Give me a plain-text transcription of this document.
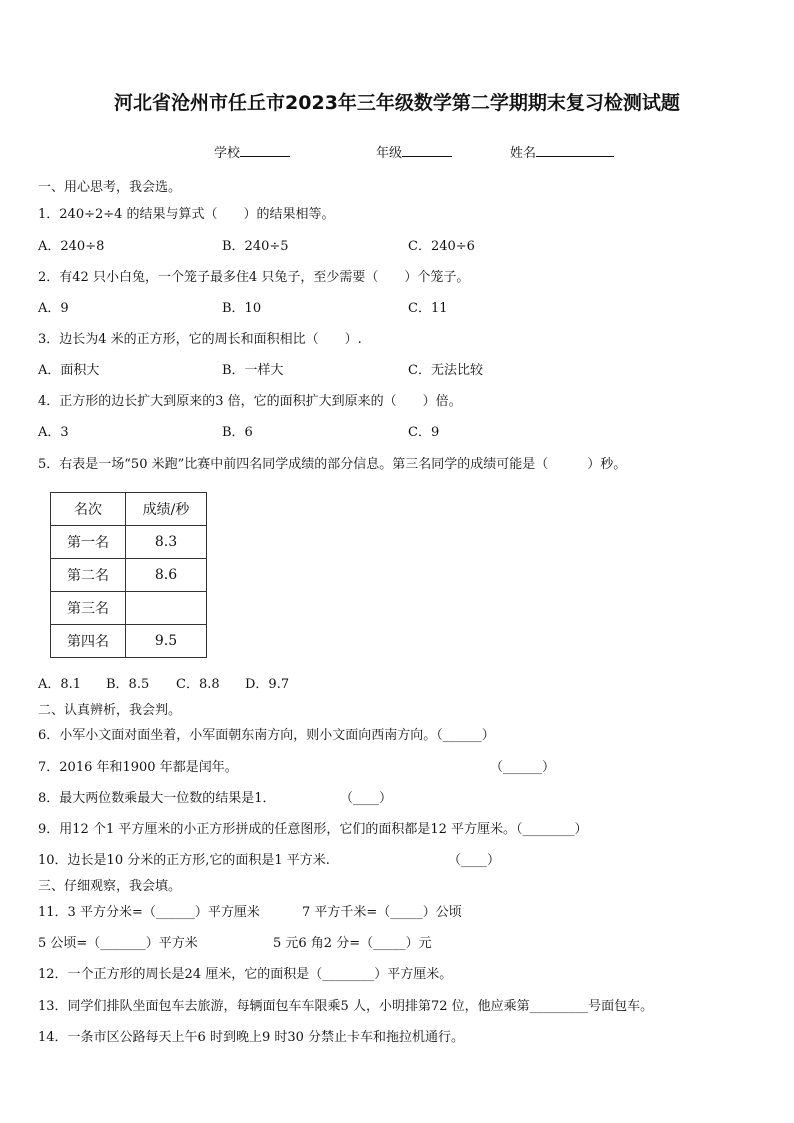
河北省沧州市任丘市2023年三年级数学第二学期期末复习检测试题
学校	年级	姓名
一、用心思考，我会选。
1．240÷2÷4 的结果与算式（　　）的结果相等。
A．240÷8	B．240÷5	C．240÷6
2．有42 只小白兔，一个笼子最多住4 只兔子，至少需要（　　）个笼子。
A．9	B．10	C．11
3．边长为4 米的正方形，它的周长和面积相比（　　）.
A．面积大	B．一样大	C．无法比较
4．正方形的边长扩大到原来的3 倍，它的面积扩大到原来的（　　）倍。
A．3	B．6	C．9
5．右表是一场“50 米跑”比赛中前四名同学成绩的部分信息。第三名同学的成绩可能是（　　　）秒。
名次	成绩/秒
第一名	8.3
第二名	8.6
第三名	
第四名	9.5
A．8.1 B．8.5 C．8.8 D．9.7
二、认真辨析，我会判。
6．小军小文面对面坐着，小军面朝东南方向，则小文面向西南方向。（______）
7．2016 年和1900 年都是闰年。	（______）
8．最大两位数乘最大一位数的结果是1．	（____）
9．用12 个1 平方厘米的小正方形拼成的任意图形，它们的面积都是12 平方厘米。（________）
10．边长是10 分米的正方形,它的面积是1 平方米.	（____）
三、仔细观察，我会填。
11．3 平方分米=（______）平方厘米	7 平方千米=（_____）公顷
5 公顷=（_______）平方米	5 元6 角2 分=（_____）元
12．一个正方形的周长是24 厘米，它的面积是（________）平方厘米。
13．同学们排队坐面包车去旅游，每辆面包车车限乘5 人，小明排第72 位，他应乘第_________号面包车。
14．一条市区公路每天上午6 时到晚上9 时30 分禁止卡车和拖拉机通行。
